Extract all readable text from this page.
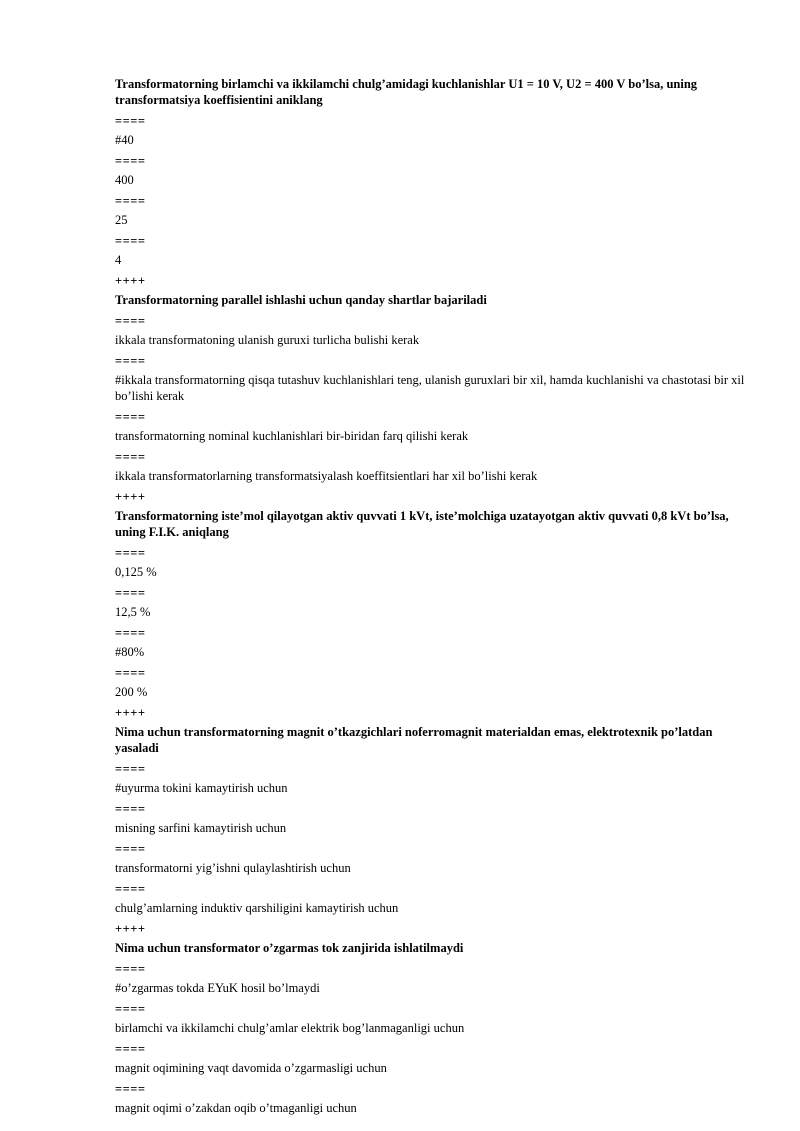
Transformatorning birlamchi va ikkilamchi chulg’amidagi kuchlanishlar U1 = 10 V, U2 = 400 V bo’lsa, uning transformatsiya koeffisientini aniklang

====

#40

====

400

====

25

====

4

++++

Transformatorning parallel ishlashi uchun qanday shartlar bajariladi

====

ikkala transformatoning ulanish guruxi turlicha bulishi kerak

====

#ikkala transformatorning qisqa tutashuv kuchlanishlari teng, ulanish guruxlari bir xil, hamda kuchlanishi va chastotasi bir xil bo’lishi kerak

====

transformatorning nominal kuchlanishlari bir-biridan farq qilishi kerak

====

ikkala transformatorlarning transformatsiyalash koeffitsientlari har xil bo’lishi kerak

++++

Transformatorning iste’mol qilayotgan aktiv quvvati 1 kVt, iste’molchiga uzatayotgan aktiv quvvati 0,8 kVt bo’lsa, uning F.I.K. aniqlang

====

0,125 %

====

12,5 %

====

#80%

====

200 %

++++

Nima uchun transformatorning magnit o’tkazgichlari noferromagnit materialdan emas, elektrotexnik po’latdan yasaladi

====

#uyurma tokini kamaytirish uchun

====

misning sarfini kamaytirish uchun

====

transformatorni yig’ishni qulaylashtirish uchun

====

chulg’amlarning induktiv qarshiligini kamaytirish uchun

++++

Nima uchun transformator o’zgarmas tok zanjirida ishlatilmaydi

====

#o’zgarmas tokda EYuK hosil bo’lmaydi

====

birlamchi va ikkilamchi chulg’amlar elektrik bog’lanmaganligi uchun

====

magnit oqimining vaqt davomida o’zgarmasligi uchun

====

magnit oqimi o’zakdan oqib o’tmaganligi uchun
